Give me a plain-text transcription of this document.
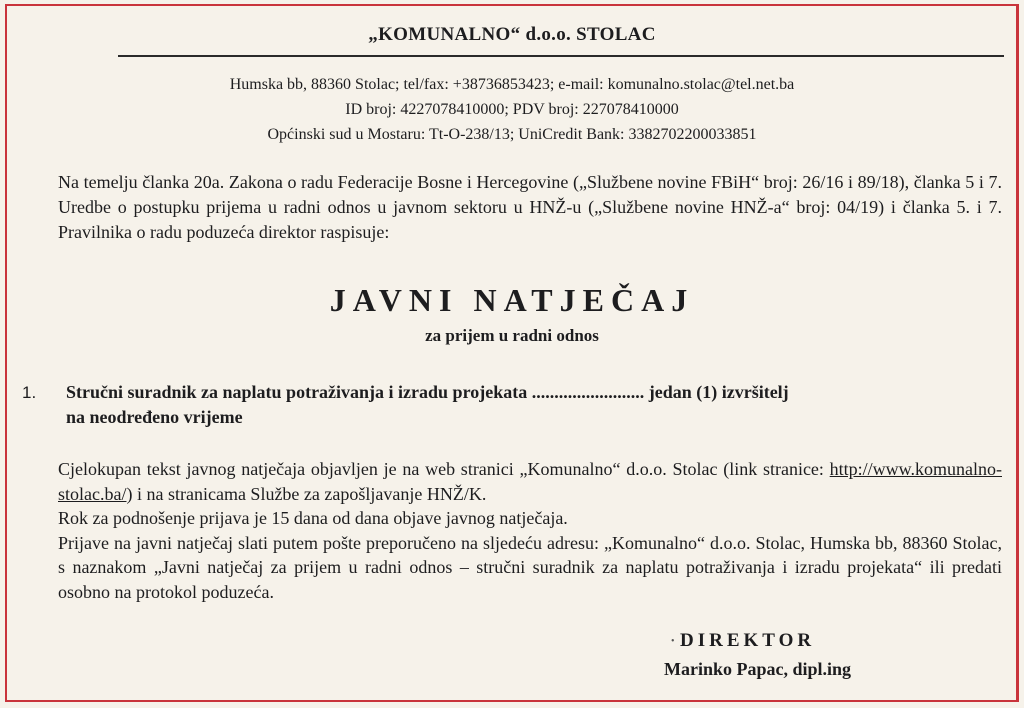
„KOMUNALNO“ d.o.o. STOLAC
Humska bb, 88360 Stolac; tel/fax: +38736853423; e-mail: komunalno.stolac@tel.net.ba
ID broj: 4227078410000; PDV broj: 227078410000
Općinski sud u Mostaru: Tt-O-238/13; UniCredit Bank: 3382702200033851
Na temelju članka 20a. Zakona o radu Federacije Bosne i Hercegovine („Službene novine FBiH“ broj: 26/16 i 89/18), članka 5 i 7. Uredbe o postupku prijema u radni odnos u javnom sektoru u HNŽ-u („Službene novine HNŽ-a“ broj: 04/19) i članka 5. i 7. Pravilnika o radu poduzeća direktor raspisuje:
JAVNI NATJEČAJ
za prijem u radni odnos
1. Stručni suradnik za naplatu potraživanja i izradu projekata ......................... jedan (1) izvršitelj
na neodređeno vrijeme
Cjelokupan tekst javnog natječaja objavljen je na web stranici „Komunalno“ d.o.o. Stolac (link stranice: http://www.komunalno-stolac.ba/) i na stranicama Službe za zapošljavanje HNŽ/K.
Rok za podnošenje prijava je 15 dana od dana objave javnog natječaja.
Prijave na javni natječaj slati putem pošte preporučeno na sljedeću adresu: „Komunalno“ d.o.o. Stolac, Humska bb, 88360 Stolac, s naznakom „Javni natječaj za prijem u radni odnos – stručni suradnik za naplatu potraživanja i izradu projekata“ ili predati osobno na protokol poduzeća.
• DIREKTOR
Marinko Papac, dipl.ing
